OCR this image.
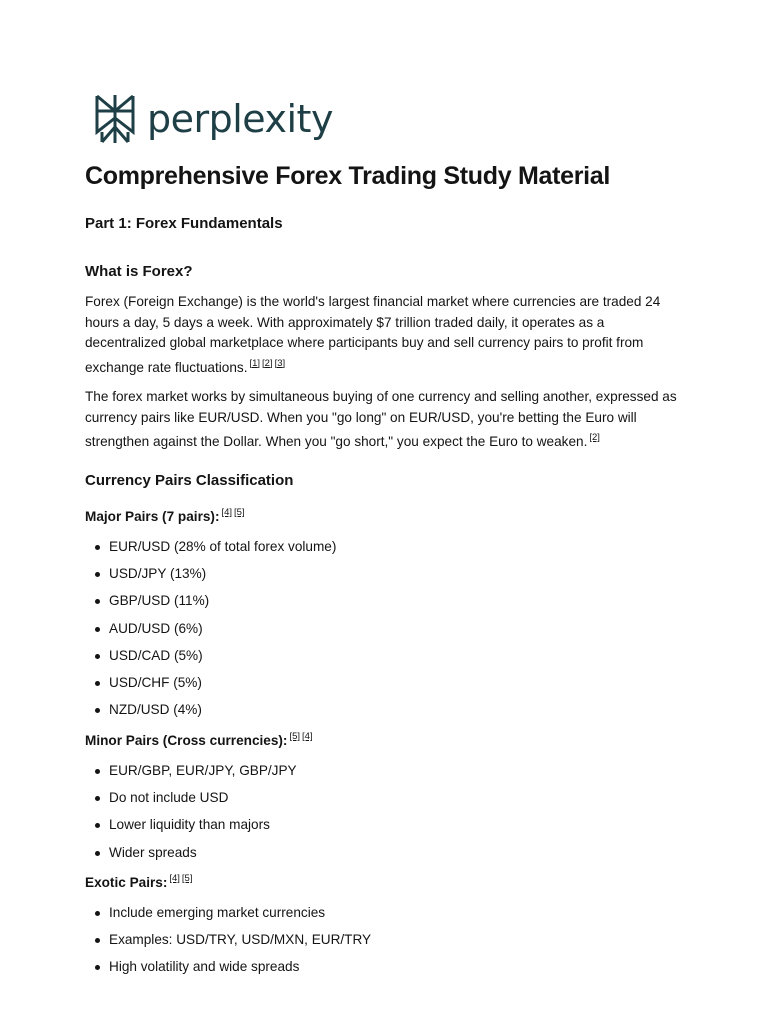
perplexity
Comprehensive Forex Trading Study Material

Part 1: Forex Fundamentals

What is Forex?

Forex (Foreign Exchange) is the world's largest financial market where currencies are traded 24 hours a day, 5 days a week. With approximately $7 trillion traded daily, it operates as a decentralized global marketplace where participants buy and sell currency pairs to profit from exchange rate fluctuations. [1] [2] [3]

The forex market works by simultaneous buying of one currency and selling another, expressed as currency pairs like EUR/USD. When you "go long" on EUR/USD, you're betting the Euro will strengthen against the Dollar. When you "go short," you expect the Euro to weaken. [2]

Currency Pairs Classification

Major Pairs (7 pairs): [4] [5]

EUR/USD (28% of total forex volume)
USD/JPY (13%)
GBP/USD (11%)
AUD/USD (6%)
USD/CAD (5%)
USD/CHF (5%)
NZD/USD (4%)

Minor Pairs (Cross currencies): [5] [4]

EUR/GBP, EUR/JPY, GBP/JPY
Do not include USD
Lower liquidity than majors
Wider spreads

Exotic Pairs: [4] [5]

Include emerging market currencies
Examples: USD/TRY, USD/MXN, EUR/TRY
High volatility and wide spreads
